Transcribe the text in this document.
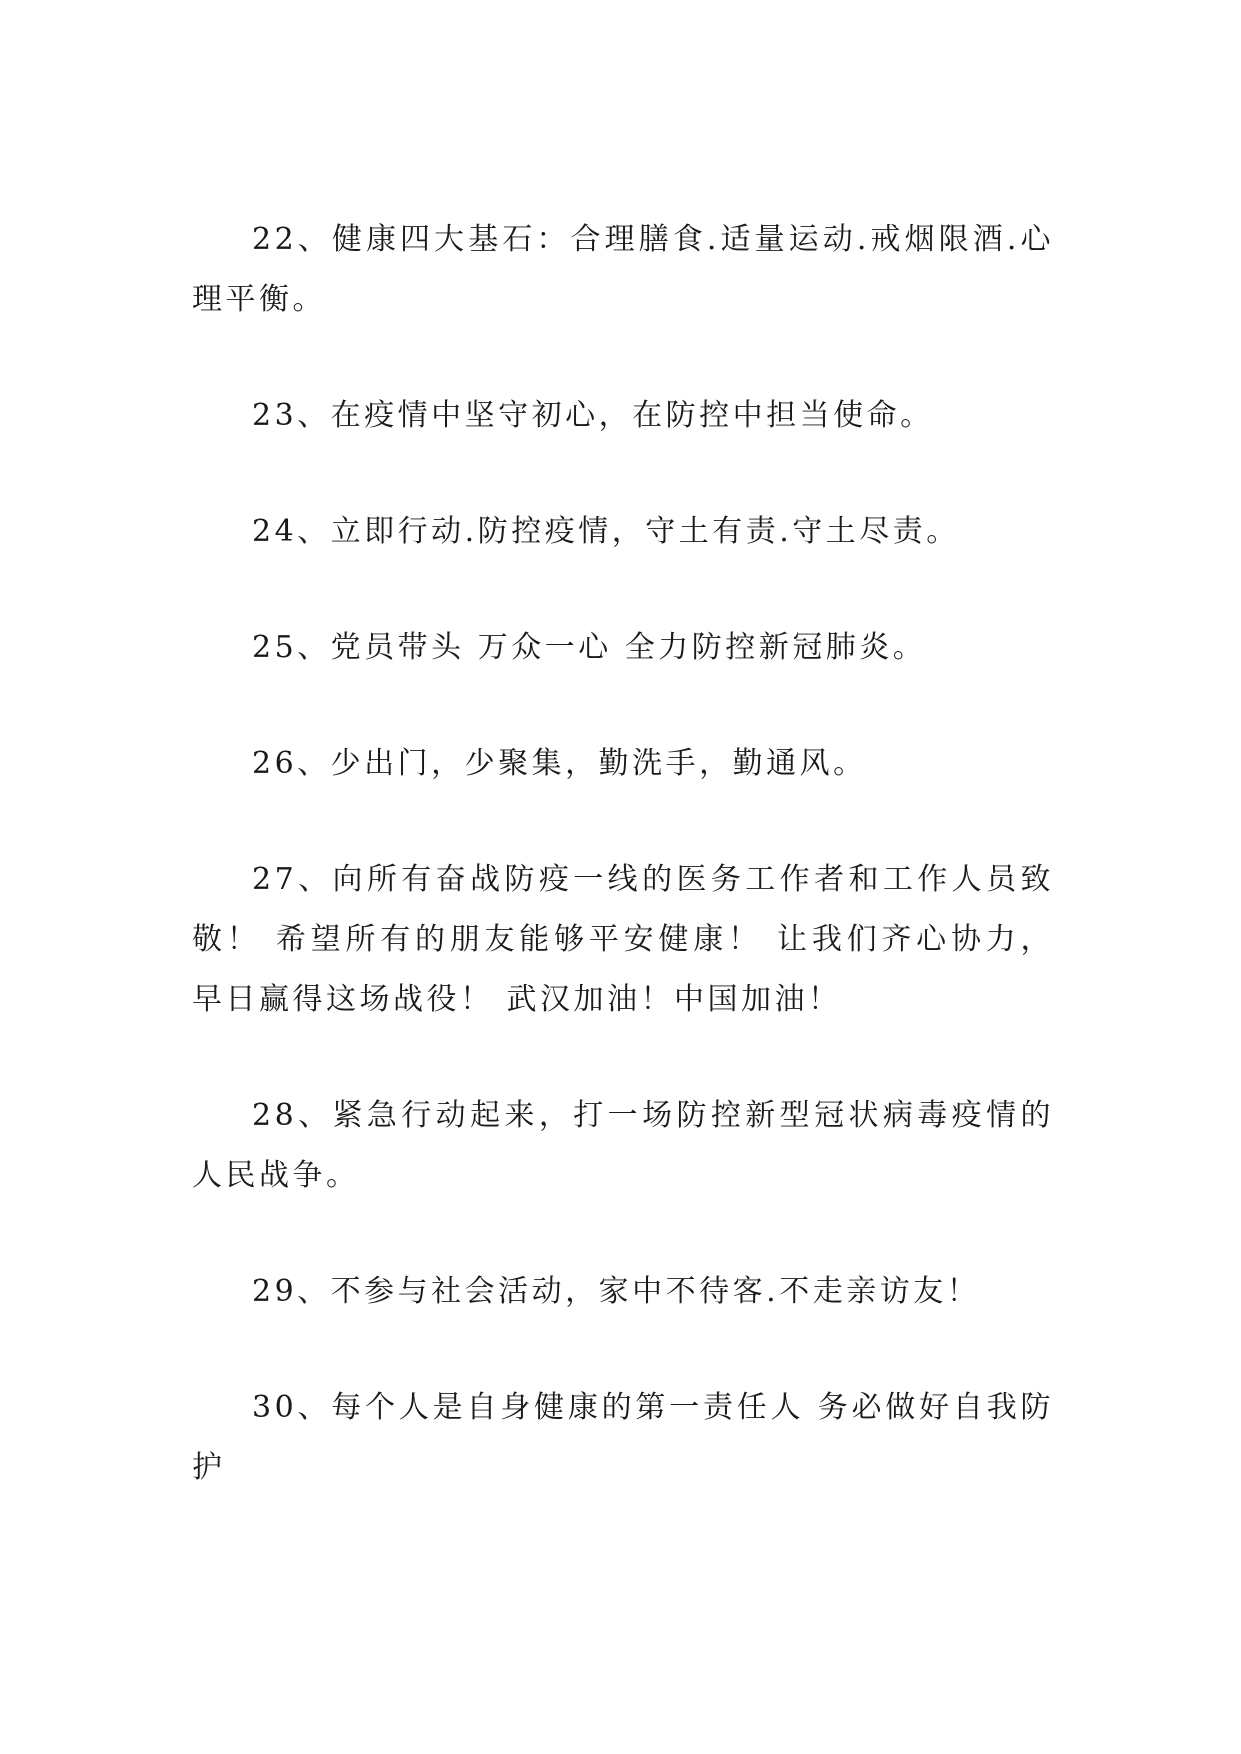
22、健康四大基石：合理膳食.适量运动.戒烟限酒.心理平衡。

23、在疫情中坚守初心，在防控中担当使命。

24、立即行动.防控疫情，守土有责.守土尽责。

25、党员带头 万众一心 全力防控新冠肺炎。

26、少出门，少聚集，勤洗手，勤通风。

27、向所有奋战防疫一线的医务工作者和工作人员致敬！ 希望所有的朋友能够平安健康！ 让我们齐心协力，早日赢得这场战役！ 武汉加油！中国加油！

28、紧急行动起来，打一场防控新型冠状病毒疫情的人民战争。

29、不参与社会活动，家中不待客.不走亲访友！

30、每个人是自身健康的第一责任人 务必做好自我防护
